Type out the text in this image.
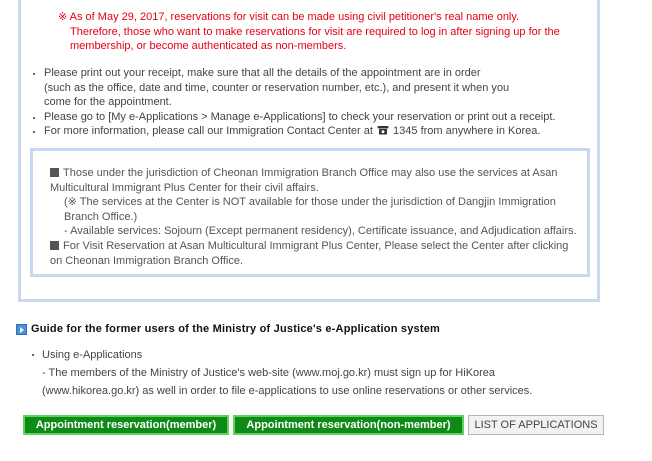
※ As of May 29, 2017, reservations for visit can be made using civil petitioner's real name only.

Therefore, those who want to make reservations for visit are required to log in after signing up for the

membership, or become authenticated as non-members.

Please print out your receipt, make sure that all the details of the appointment are in order
(such as the office, date and time, counter or reservation number, etc.), and present it when you
come for the appointment.
Please go to [My e-Applications > Manage e-Applications] to check your reservation or print out a receipt.
For more information, please call our Immigration Contact Center at 1345 from anywhere in Korea.
Those under the jurisdiction of Cheonan Immigration Branch Office may also use the services at Asan
Multicultural Immigrant Plus Center for their civil affairs.
(※ The services at the Center is NOT available for those under the jurisdiction of Dangjin Immigration
Branch Office.)
- Available services: Sojourn (Except permanent residency), Certificate issuance, and Adjudication affairs.
For Visit Reservation at Asan Multicultural Immigrant Plus Center, Please select the Center after clicking
on Cheonan Immigration Branch Office.
Guide for the former users of the Ministry of Justice's e-Application system
Using e-Applications
- The members of the Ministry of Justice's web-site (www.moj.go.kr) must sign up for HiKorea
(www.hikorea.go.kr) as well in order to file e-applications to use online reservations or other services.
Appointment reservation(member)	Appointment reservation(non-member)	LIST OF APPLICATIONS
